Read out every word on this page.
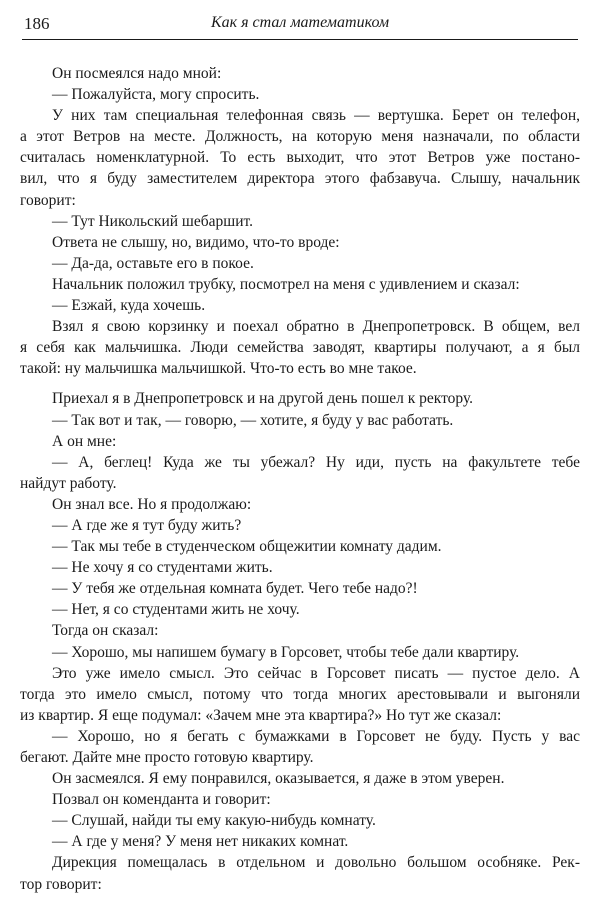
186	Как я стал математиком
Он посмеялся надо мной:
— Пожалуйста, могу спросить.
У них там специальная телефонная связь — вертушка. Берет он телефон,
а этот Ветров на месте. Должность, на которую меня назначали, по области
считалась номенклатурной. То есть выходит, что этот Ветров уже постано-
вил, что я буду заместителем директора этого фабзавуча. Слышу, начальник
говорит:
— Тут Никольский шебаршит.
Ответа не слышу, но, видимо, что-то вроде:
— Да-да, оставьте его в покое.
Начальник положил трубку, посмотрел на меня с удивлением и сказал:
— Езжай, куда хочешь.
Взял я свою корзинку и поехал обратно в Днепропетровск. В общем, вел
я себя как мальчишка. Люди семейства заводят, квартиры получают, а я был
такой: ну мальчишка мальчишкой. Что-то есть во мне такое.
Приехал я в Днепропетровск и на другой день пошел к ректору.
— Так вот и так, — говорю, — хотите, я буду у вас работать.
А он мне:
— А, беглец! Куда же ты убежал? Ну иди, пусть на факультете тебе
найдут работу.
Он знал все. Но я продолжаю:
— А где же я тут буду жить?
— Так мы тебе в студенческом общежитии комнату дадим.
— Не хочу я со студентами жить.
— У тебя же отдельная комната будет. Чего тебе надо?!
— Нет, я со студентами жить не хочу.
Тогда он сказал:
— Хорошо, мы напишем бумагу в Горсовет, чтобы тебе дали квартиру.
Это уже имело смысл. Это сейчас в Горсовет писать — пустое дело. А
тогда это имело смысл, потому что тогда многих арестовывали и выгоняли
из квартир. Я еще подумал: «Зачем мне эта квартира?» Но тут же сказал:
— Хорошо, но я бегать с бумажками в Горсовет не буду. Пусть у вас
бегают. Дайте мне просто готовую квартиру.
Он засмеялся. Я ему понравился, оказывается, я даже в этом уверен.
Позвал он коменданта и говорит:
— Слушай, найди ты ему какую-нибудь комнату.
— А где у меня? У меня нет никаких комнат.
Дирекция помещалась в отдельном и довольно большом особняке. Рек-
тор говорит:
